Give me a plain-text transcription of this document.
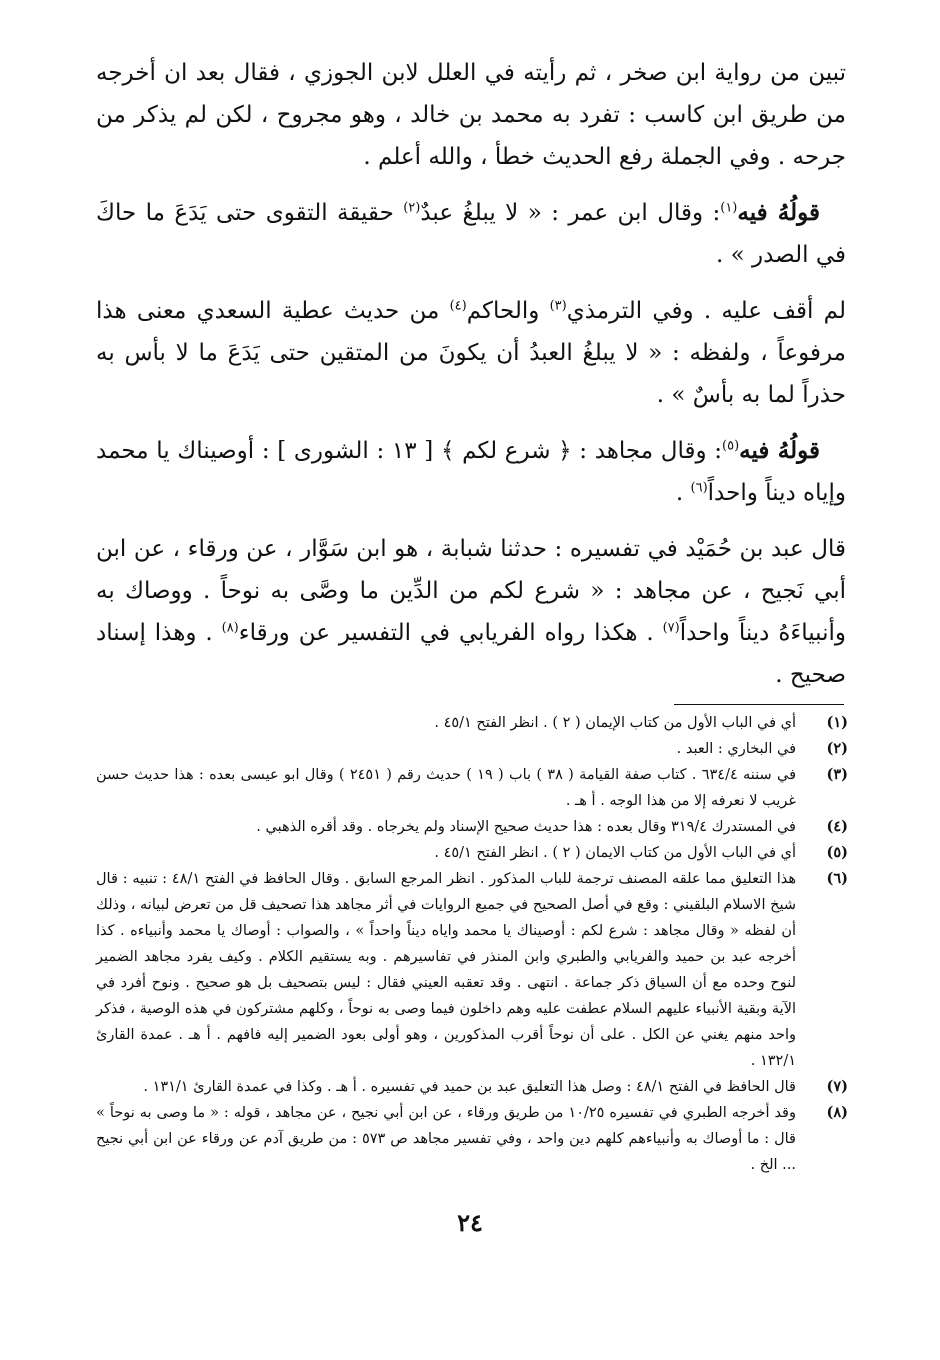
تبين من رواية ابن صخر ، ثم رأيته في العلل لابن الجوزي ، فقال بعد ان أخرجه من طريق ابن كاسب : تفرد به محمد بن خالد ، وهو مجروح ، لكن لم يذكر من جرحه . وفي الجملة رفع الحديث خطأ ، والله أعلم .

قولُهُ فيه$^{(١)}$: وقال ابن عمر : « لا يبلغُ عبدٌ$^{(٢)}$ حقيقة التقوى حتى يَدَعَ ما حاكَ في الصدر » .

لم أقف عليه . وفي الترمذي$^{(٣)}$ والحاكم$^{(٤)}$ من حديث عطية السعدي معنى هذا مرفوعاً ، ولفظه : « لا يبلغُ العبدُ أن يكونَ من المتقين حتى يَدَعَ ما لا بأس به حذراً لما به بأسٌ » .

قولُهُ فيه$^{(٥)}$: وقال مجاهد : ﴿ شرع لكم ﴾ [ ١٣ : الشورى ] : أوصيناك يا محمد وإياه ديناً واحداً$^{(٦)}$ .

قال عبد بن حُمَيْد في تفسيره : حدثنا شبابة ، هو ابن سَوَّار ، عن ورقاء ، عن ابن أبي نَجيح ، عن مجاهد : « شرع لكم من الدِّين ما وصَّى به نوحاً . ووصاك به وأنبياءَهُ ديناً واحداً$^{(٧)}$ . هكذا رواه الفريابي في التفسير عن ورقاء$^{(٨)}$ . وهذا إسناد صحيح .

(١)
أي في الباب الأول من كتاب الإيمان ( ٢ ) . انظر الفتح ٤٥/١ .
(٢)
في البخاري : العبد .
(٣)
في سننه ٦٣٤/٤ . كتاب صفة القيامة ( ٣٨ ) باب ( ١٩ ) حديث رقم ( ٢٤٥١ ) وقال ابو عيسى بعده : هذا حديث حسن غريب لا نعرفه إلا من هذا الوجه . أ هـ .
(٤)
في المستدرك ٣١٩/٤ وقال بعده : هذا حديث صحيح الإسناد ولم يخرجاه . وقد أقره الذهبي .
(٥)
أي في الباب الأول من كتاب الايمان ( ٢ ) . انظر الفتح ٤٥/١ .
(٦)
هذا التعليق مما علقه المصنف ترجمة للباب المذكور . انظر المرجع السابق . وقال الحافظ في الفتح ٤٨/١ : تنبيه : قال شيخ الاسلام البلقيني : وقع في أصل الصحيح في جميع الروايات في أثر مجاهد هذا تصحيف قل من تعرض لبيانه ، وذلك أن لفظه « وقال مجاهد : شرع لكم : أوصيناك يا محمد واياه ديناً واحداً » ، والصواب : أوصاك يا محمد وأنبياءه . كذا أخرجه عبد بن حميد والفريابي والطبري وابن المنذر في تفاسيرهم . وبه يستقيم الكلام . وكيف يفرد مجاهد الضمير لنوح وحده مع أن السياق ذكر جماعة . انتهى . وقد تعقبه العيني فقال : ليس بتصحيف بل هو صحيح . ونوح أفرد في الآية وبقية الأنبياء عليهم السلام عطفت عليه وهم داخلون فيما وصى به نوحاً ، وكلهم مشتركون في هذه الوصية ، فذكر واحد منهم يغني عن الكل . على أن نوحاً أقرب المذكورين ، وهو أولى بعود الضمير إليه فافهم . أ هـ . عمدة القارئ ١٣٢/١ .
(٧)
قال الحافظ في الفتح ٤٨/١ : وصل هذا التعليق عبد بن حميد في تفسيره . أ هـ . وكذا في عمدة القارئ ١٣١/١ .
(٨)
وقد أخرجه الطبري في تفسيره ١٠/٢٥ من طريق ورقاء ، عن ابن أبي نجيح ، عن مجاهد ، قوله : « ما وصى به نوحاً » قال : ما أوصاك به وأنبياءهم كلهم دين واحد ، وفي تفسير مجاهد ص ٥٧٣ : من طريق آدم عن ورقاء عن ابن أبي نجيح ... الخ .
٢٤
